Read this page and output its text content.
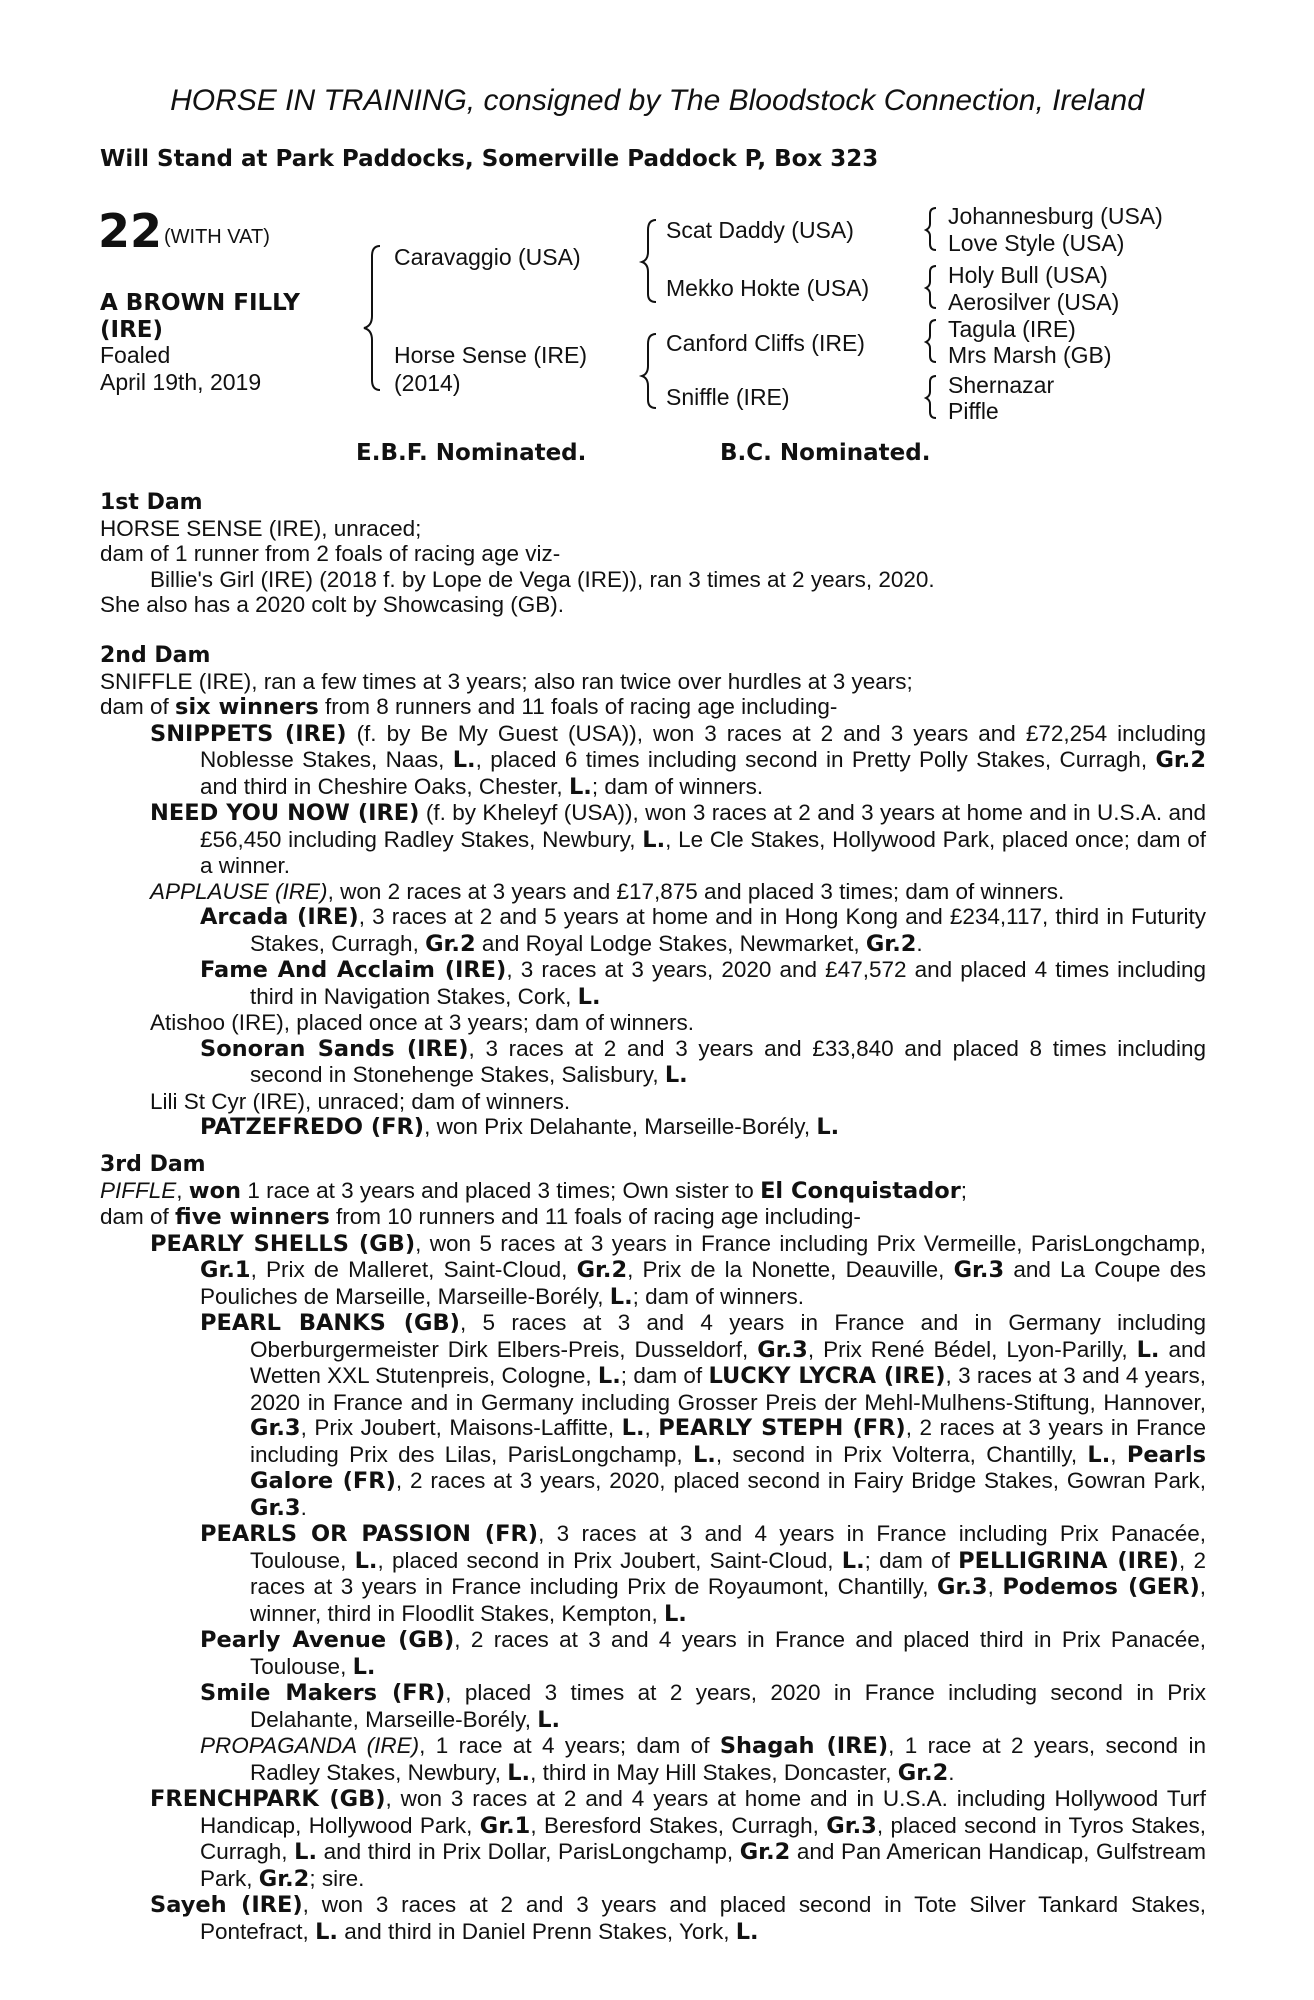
HORSE IN TRAINING, consigned by The Bloodstock Connection, Ireland
Will Stand at Park Paddocks, Somerville Paddock P, Box 323
22 (WITH VAT)
A BROWN FILLY
(IRE)
Foaled
April 19th, 2019
Caravaggio (USA)
Horse Sense (IRE)
(2014)
Scat Daddy (USA)
Mekko Hokte (USA)
Canford Cliffs (IRE)
Sniffle (IRE)
Johannesburg (USA)
Love Style (USA)
Holy Bull (USA)
Aerosilver (USA)
Tagula (IRE)
Mrs Marsh (GB)
Shernazar
Piffle
E.B.F. Nominated.	B.C. Nominated.
1st Dam
HORSE SENSE (IRE), unraced;
dam of 1 runner from 2 foals of racing age viz-
Billie's Girl (IRE) (2018 f. by Lope de Vega (IRE)), ran 3 times at 2 years, 2020.
She also has a 2020 colt by Showcasing (GB).
2nd Dam
SNIFFLE (IRE), ran a few times at 3 years; also ran twice over hurdles at 3 years;
dam of six winners from 8 runners and 11 foals of racing age including-
SNIPPETS (IRE) (f. by Be My Guest (USA)), won 3 races at 2 and 3 years and £72,254 including Noblesse Stakes, Naas, L., placed 6 times including second in Pretty Polly Stakes, Curragh, Gr.2 and third in Cheshire Oaks, Chester, L.; dam of winners.
NEED YOU NOW (IRE) (f. by Kheleyf (USA)), won 3 races at 2 and 3 years at home and in U.S.A. and £56,450 including Radley Stakes, Newbury, L., Le Cle Stakes, Hollywood Park, placed once; dam of a winner.
APPLAUSE (IRE), won 2 races at 3 years and £17,875 and placed 3 times; dam of winners.
Arcada (IRE), 3 races at 2 and 5 years at home and in Hong Kong and £234,117, third in Futurity Stakes, Curragh, Gr.2 and Royal Lodge Stakes, Newmarket, Gr.2.
Fame And Acclaim (IRE), 3 races at 3 years, 2020 and £47,572 and placed 4 times including third in Navigation Stakes, Cork, L.
Atishoo (IRE), placed once at 3 years; dam of winners.
Sonoran Sands (IRE), 3 races at 2 and 3 years and £33,840 and placed 8 times including second in Stonehenge Stakes, Salisbury, L.
Lili St Cyr (IRE), unraced; dam of winners.
PATZEFREDO (FR), won Prix Delahante, Marseille-Borély, L.
3rd Dam
PIFFLE, won 1 race at 3 years and placed 3 times; Own sister to El Conquistador;
dam of five winners from 10 runners and 11 foals of racing age including-
PEARLY SHELLS (GB), won 5 races at 3 years in France including Prix Vermeille, ParisLongchamp, Gr.1, Prix de Malleret, Saint-Cloud, Gr.2, Prix de la Nonette, Deauville, Gr.3 and La Coupe des Pouliches de Marseille, Marseille-Borély, L.; dam of winners.
PEARL BANKS (GB), 5 races at 3 and 4 years in France and in Germany including Oberburgermeister Dirk Elbers-Preis, Dusseldorf, Gr.3, Prix René Bédel, Lyon-Parilly, L. and Wetten XXL Stutenpreis, Cologne, L.; dam of LUCKY LYCRA (IRE), 3 races at 3 and 4 years, 2020 in France and in Germany including Grosser Preis der Mehl-Mulhens-Stiftung, Hannover, Gr.3, Prix Joubert, Maisons-Laffitte, L., PEARLY STEPH (FR), 2 races at 3 years in France including Prix des Lilas, ParisLongchamp, L., second in Prix Volterra, Chantilly, L., Pearls Galore (FR), 2 races at 3 years, 2020, placed second in Fairy Bridge Stakes, Gowran Park, Gr.3.
PEARLS OR PASSION (FR), 3 races at 3 and 4 years in France including Prix Panacée, Toulouse, L., placed second in Prix Joubert, Saint-Cloud, L.; dam of PELLIGRINA (IRE), 2 races at 3 years in France including Prix de Royaumont, Chantilly, Gr.3, Podemos (GER), winner, third in Floodlit Stakes, Kempton, L.
Pearly Avenue (GB), 2 races at 3 and 4 years in France and placed third in Prix Panacée, Toulouse, L.
Smile Makers (FR), placed 3 times at 2 years, 2020 in France including second in Prix Delahante, Marseille-Borély, L.
PROPAGANDA (IRE), 1 race at 4 years; dam of Shagah (IRE), 1 race at 2 years, second in Radley Stakes, Newbury, L., third in May Hill Stakes, Doncaster, Gr.2.
FRENCHPARK (GB), won 3 races at 2 and 4 years at home and in U.S.A. including Hollywood Turf Handicap, Hollywood Park, Gr.1, Beresford Stakes, Curragh, Gr.3, placed second in Tyros Stakes, Curragh, L. and third in Prix Dollar, ParisLongchamp, Gr.2 and Pan American Handicap, Gulfstream Park, Gr.2; sire.
Sayeh (IRE), won 3 races at 2 and 3 years and placed second in Tote Silver Tankard Stakes, Pontefract, L. and third in Daniel Prenn Stakes, York, L.
